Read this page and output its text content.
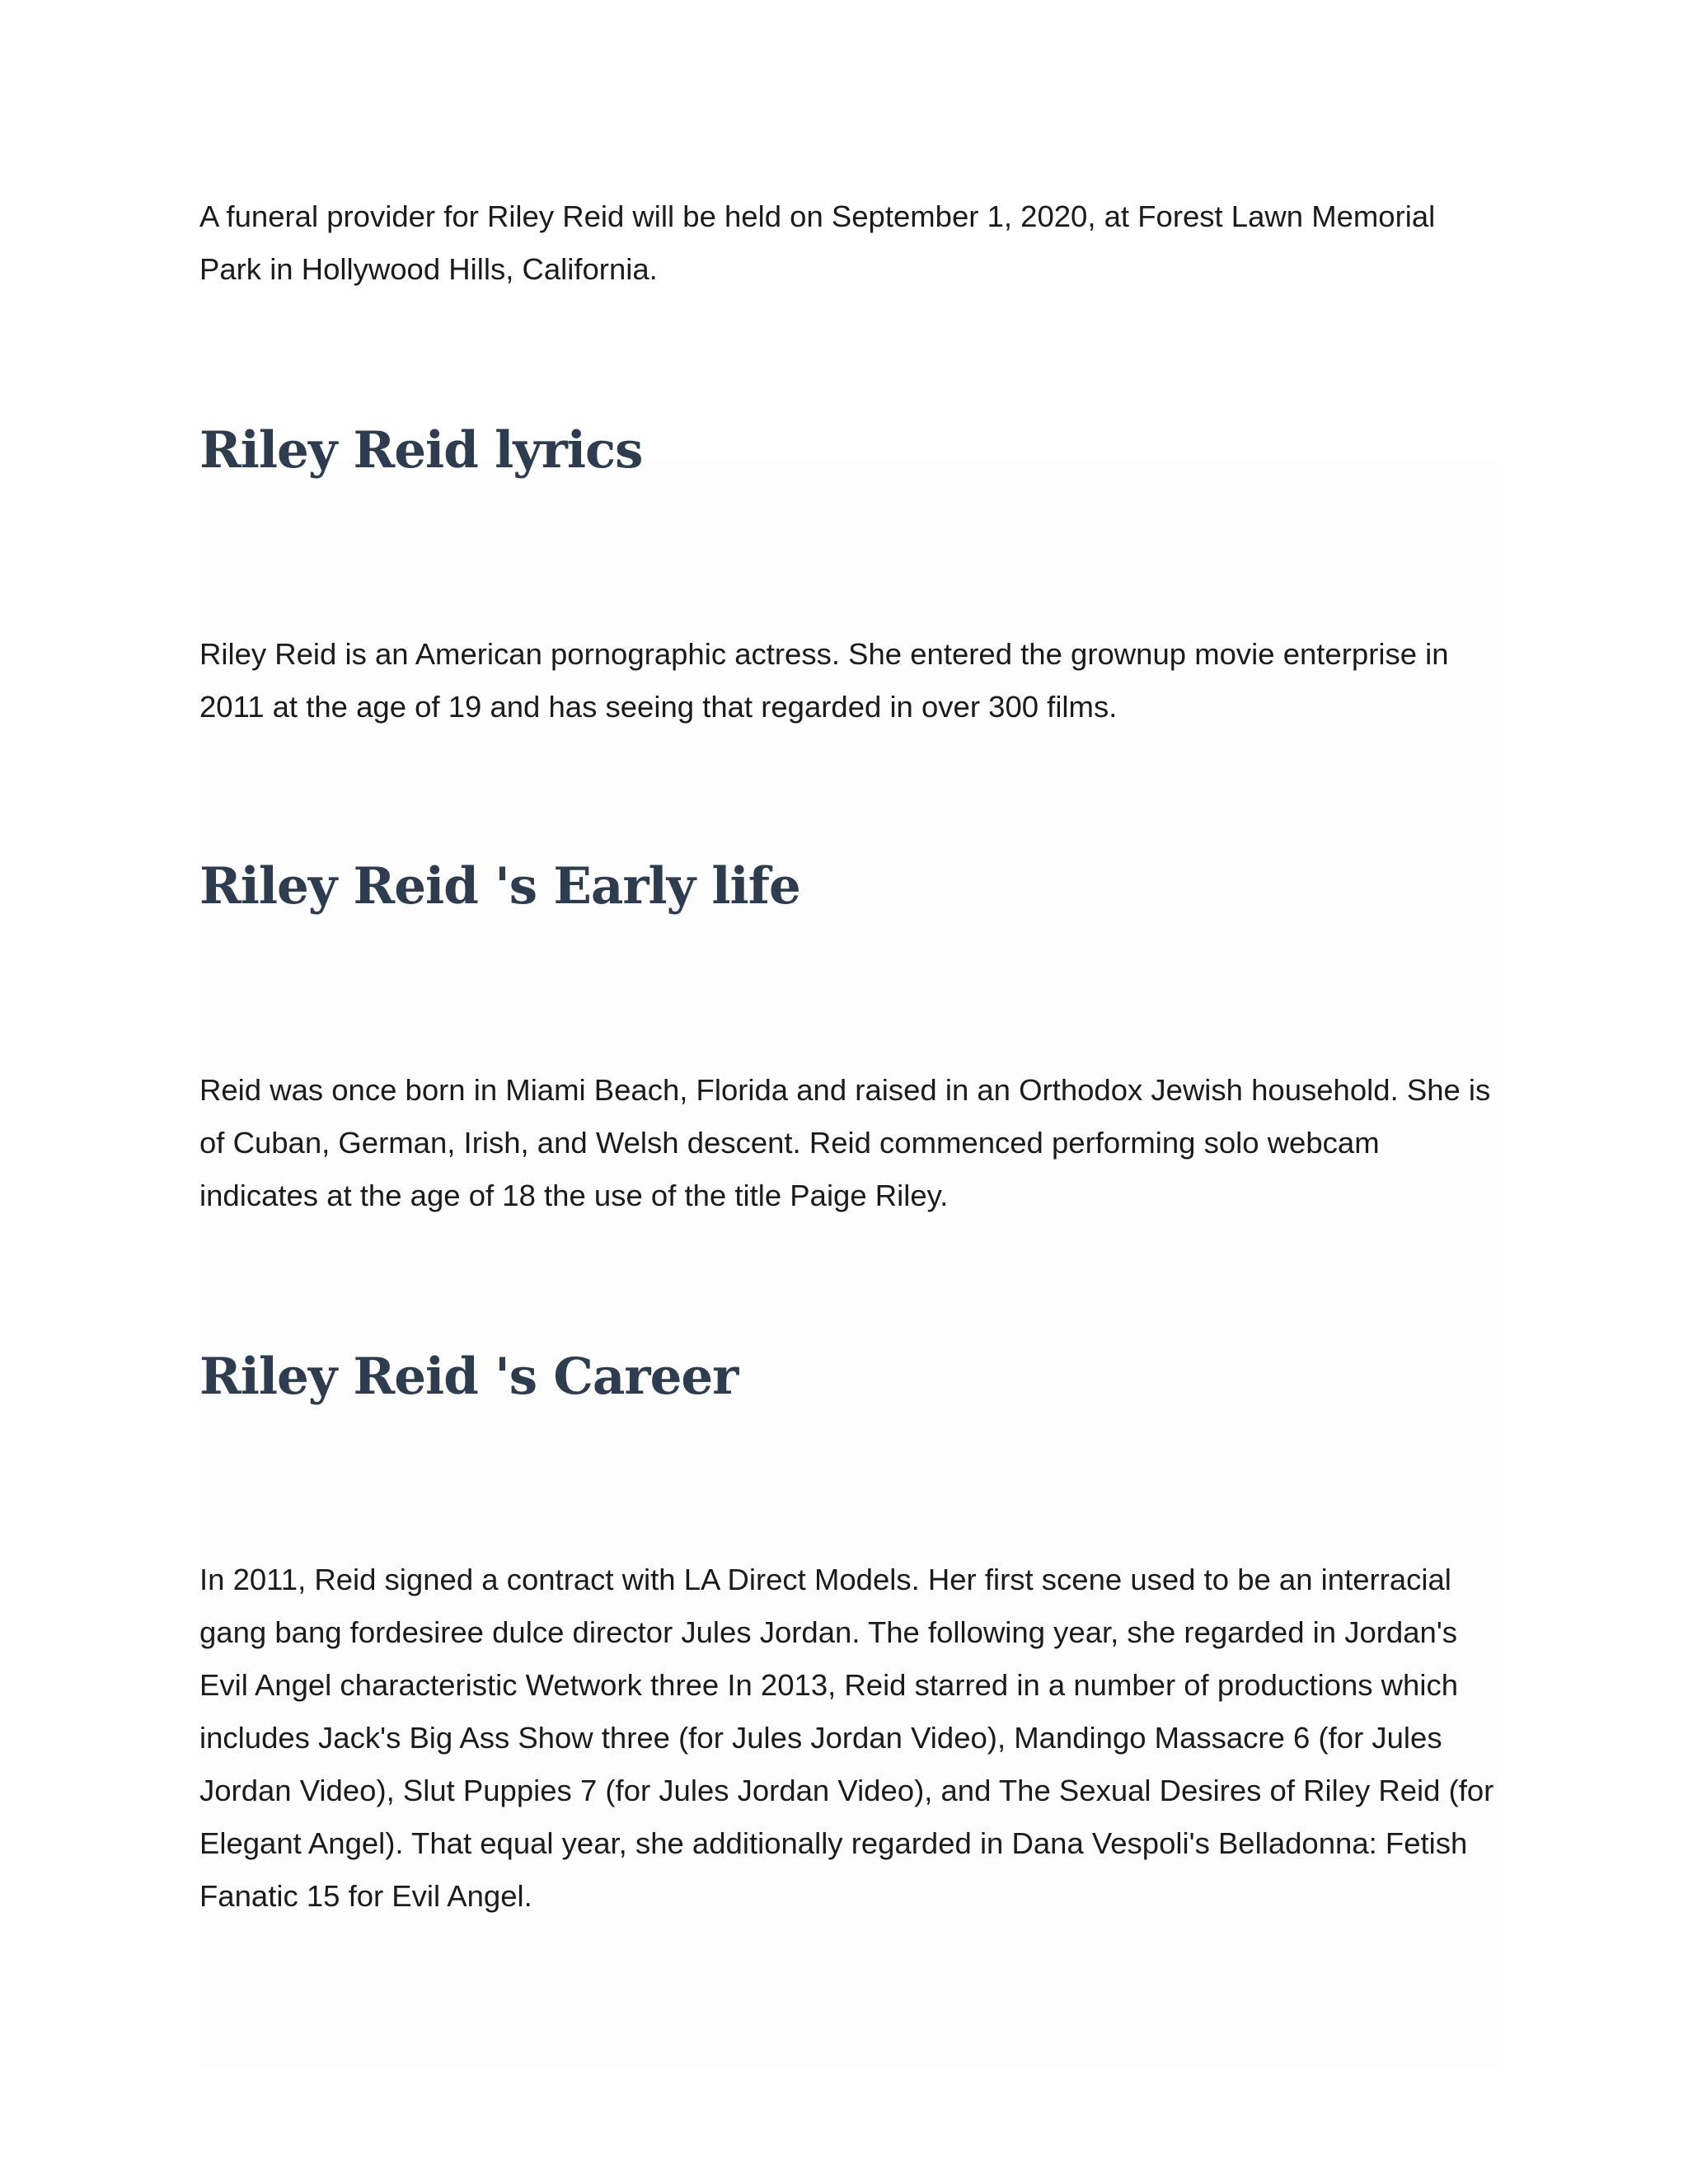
A funeral provider for Riley Reid will be held on September 1, 2020, at Forest Lawn Memorial Park in Hollywood Hills, California.

Riley Reid lyrics

Riley Reid is an American pornographic actress. She entered the grownup movie enterprise in 2011 at the age of 19 and has seeing that regarded in over 300 films.

Riley Reid 's Early life

Reid was once born in Miami Beach, Florida and raised in an Orthodox Jewish household. She is of Cuban, German, Irish, and Welsh descent. Reid commenced performing solo webcam indicates at the age of 18 the use of the title Paige Riley.

Riley Reid 's Career

In 2011, Reid signed a contract with LA Direct Models. Her first scene used to be an interracial gang bang fordesiree dulce director Jules Jordan. The following year, she regarded in Jordan's Evil Angel characteristic Wetwork three In 2013, Reid starred in a number of productions which includes Jack's Big Ass Show three (for Jules Jordan Video), Mandingo Massacre 6 (for Jules Jordan Video), Slut Puppies 7 (for Jules Jordan Video), and The Sexual Desires of Riley Reid (for Elegant Angel). That equal year, she additionally regarded in Dana Vespoli's Belladonna: Fetish Fanatic 15 for Evil Angel.
